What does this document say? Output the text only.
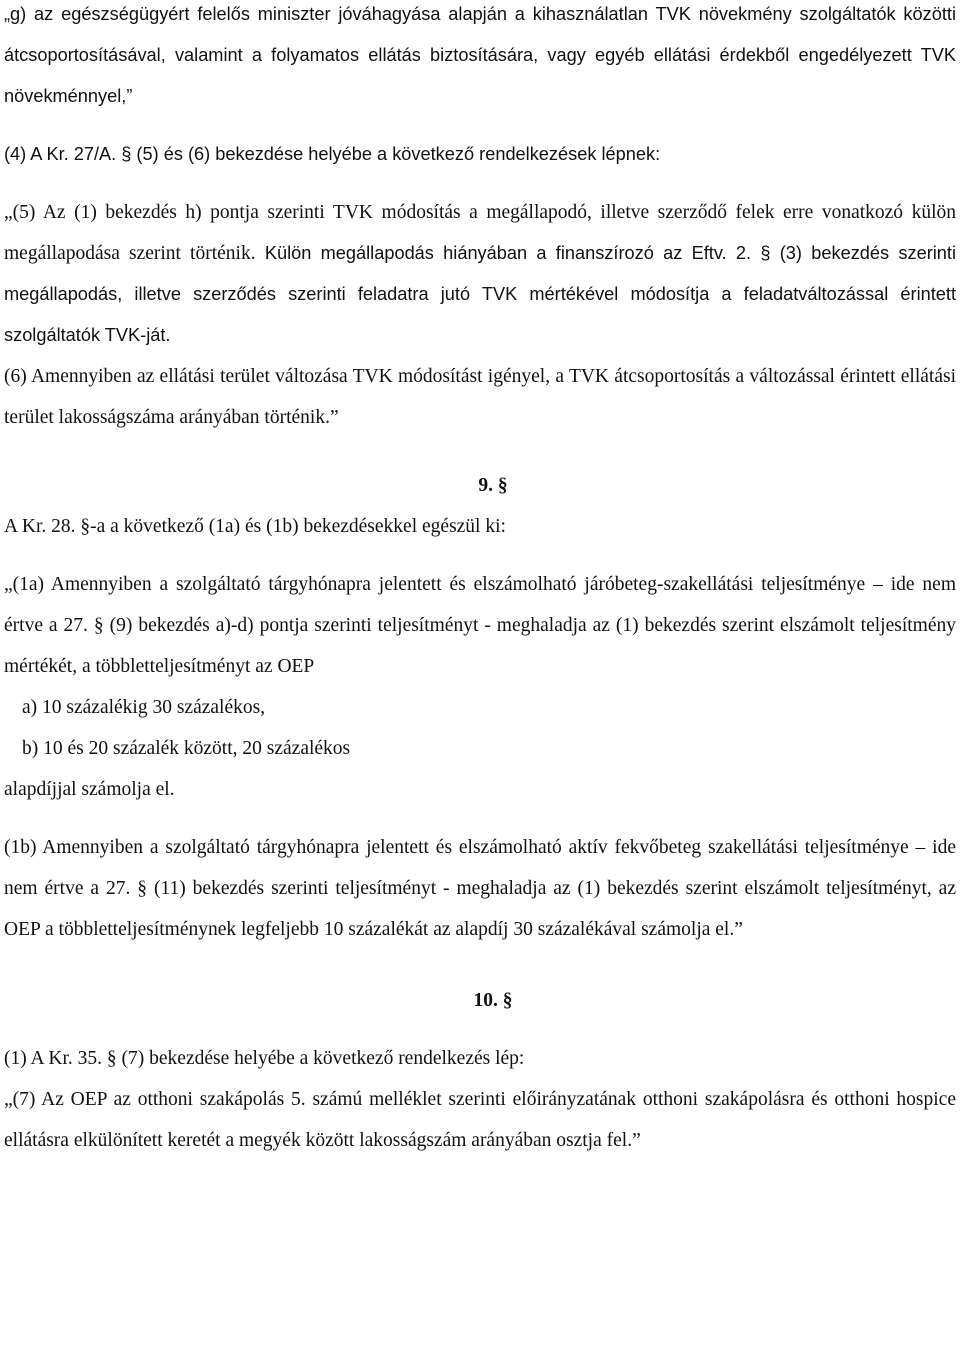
„g) az egészségügyért felelős miniszter jóváhagyása alapján a kihasználatlan TVK növekmény szolgáltatók közötti átcsoportosításával, valamint a folyamatos ellátás biztosítására, vagy egyéb ellátási érdekből engedélyezett TVK növekménnyel,”

(4) A Kr. 27/A. § (5) és (6) bekezdése helyébe a következő rendelkezések lépnek:

„(5) Az (1) bekezdés h) pontja szerinti TVK módosítás a megállapodó, illetve szerződő felek erre vonatkozó külön megállapodása szerint történik. Külön megállapodás hiányában a finanszírozó az Eftv. 2. § (3) bekezdés szerinti megállapodás, illetve szerződés szerinti feladatra jutó TVK mértékével módosítja a feladatváltozással érintett szolgáltatók TVK-ját.

(6) Amennyiben az ellátási terület változása TVK módosítást igényel, a TVK átcsoportosítás a változással érintett ellátási terület lakosságszáma arányában történik.”

9. §

A Kr. 28. §-a a következő (1a) és (1b) bekezdésekkel egészül ki:

„(1a) Amennyiben a szolgáltató tárgyhónapra jelentett és elszámolható járóbeteg-szakellátási teljesítménye – ide nem értve a 27. § (9) bekezdés a)-d) pontja szerinti teljesítményt - meghaladja az (1) bekezdés szerint elszámolt teljesítmény mértékét, a többletteljesítményt az OEP

a) 10 százalékig 30 százalékos,

b) 10 és 20 százalék között, 20 százalékos

alapdíjjal számolja el.

(1b) Amennyiben a szolgáltató tárgyhónapra jelentett és elszámolható aktív fekvőbeteg szakellátási teljesítménye – ide nem értve a 27. § (11) bekezdés szerinti teljesítményt - meghaladja az (1) bekezdés szerint elszámolt teljesítményt, az OEP a többletteljesítménynek legfeljebb 10 százalékát az alapdíj 30 százalékával számolja el.”

10. §

(1) A Kr. 35. § (7) bekezdése helyébe a következő rendelkezés lép:

„(7) Az OEP az otthoni szakápolás 5. számú melléklet szerinti előirányzatának otthoni szakápolásra és otthoni hospice ellátásra elkülönített keretét a megyék között lakosságszám arányában osztja fel.”
